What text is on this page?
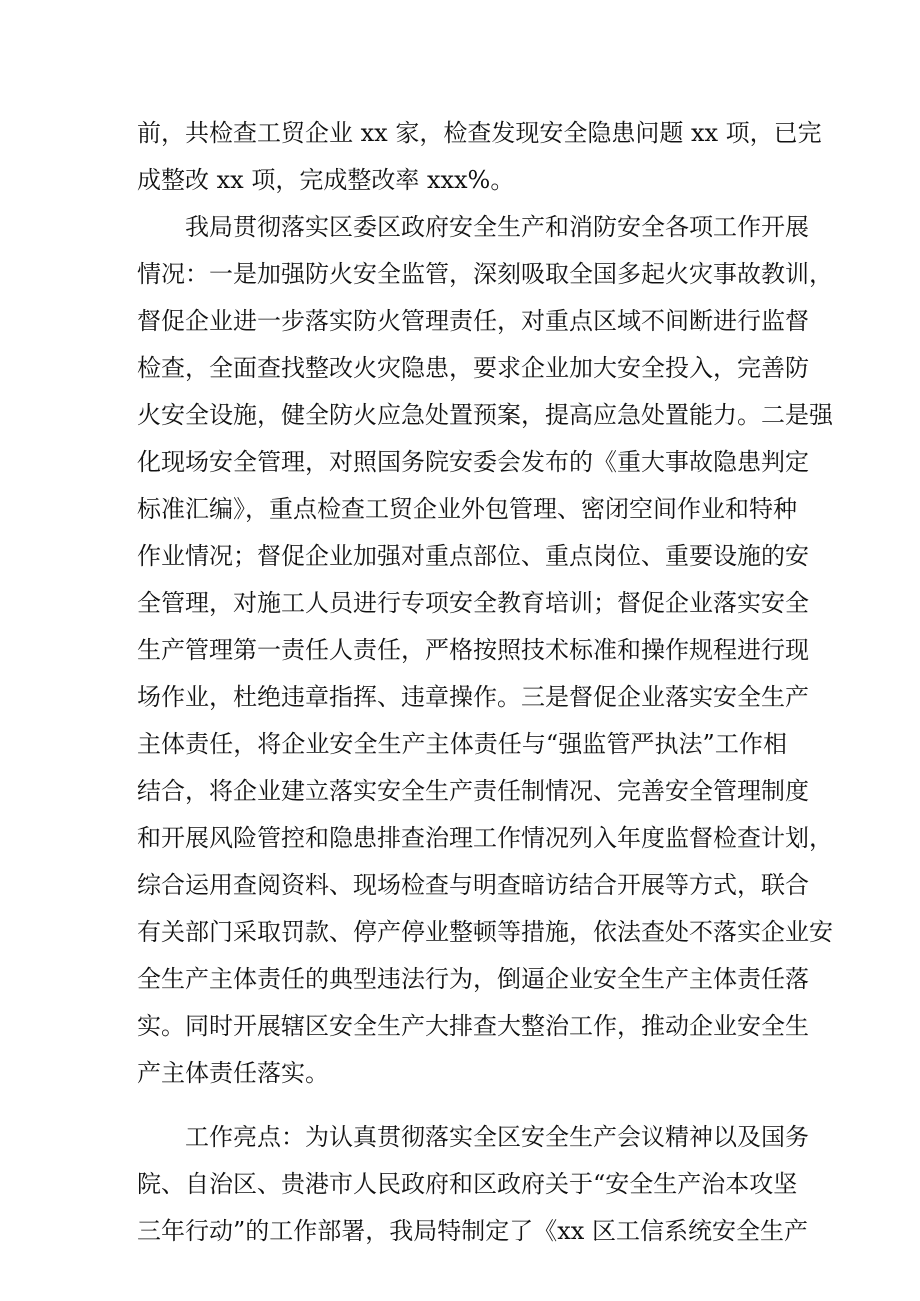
前，共检查工贸企业 xx 家，检查发现安全隐患问题 xx 项，已完
成整改 xx 项，完成整改率 xxx%。
我局贯彻落实区委区政府安全生产和消防安全各项工作开展
情况：一是加强防火安全监管，深刻吸取全国多起火灾事故教训，
督促企业进一步落实防火管理责任，对重点区域不间断进行监督
检查，全面查找整改火灾隐患，要求企业加大安全投入，完善防
火安全设施，健全防火应急处置预案，提高应急处置能力。二是强
化现场安全管理，对照国务院安委会发布的《重大事故隐患判定
标准汇编》，重点检查工贸企业外包管理、密闭空间作业和特种
作业情况；督促企业加强对重点部位、重点岗位、重要设施的安
全管理，对施工人员进行专项安全教育培训；督促企业落实安全
生产管理第一责任人责任，严格按照技术标准和操作规程进行现
场作业，杜绝违章指挥、违章操作。三是督促企业落实安全生产
主体责任，将企业安全生产主体责任与“强监管严执法”工作相
结合，将企业建立落实安全生产责任制情况、完善安全管理制度
和开展风险管控和隐患排查治理工作情况列入年度监督检查计划，
综合运用查阅资料、现场检查与明查暗访结合开展等方式，联合
有关部门采取罚款、停产停业整顿等措施，依法查处不落实企业安
全生产主体责任的典型违法行为，倒逼企业安全生产主体责任落
实。同时开展辖区安全生产大排查大整治工作，推动企业安全生
产主体责任落实。
工作亮点：为认真贯彻落实全区安全生产会议精神以及国务
院、自治区、贵港市人民政府和区政府关于“安全生产治本攻坚
三年行动”的工作部署，我局特制定了《xx 区工信系统安全生产
